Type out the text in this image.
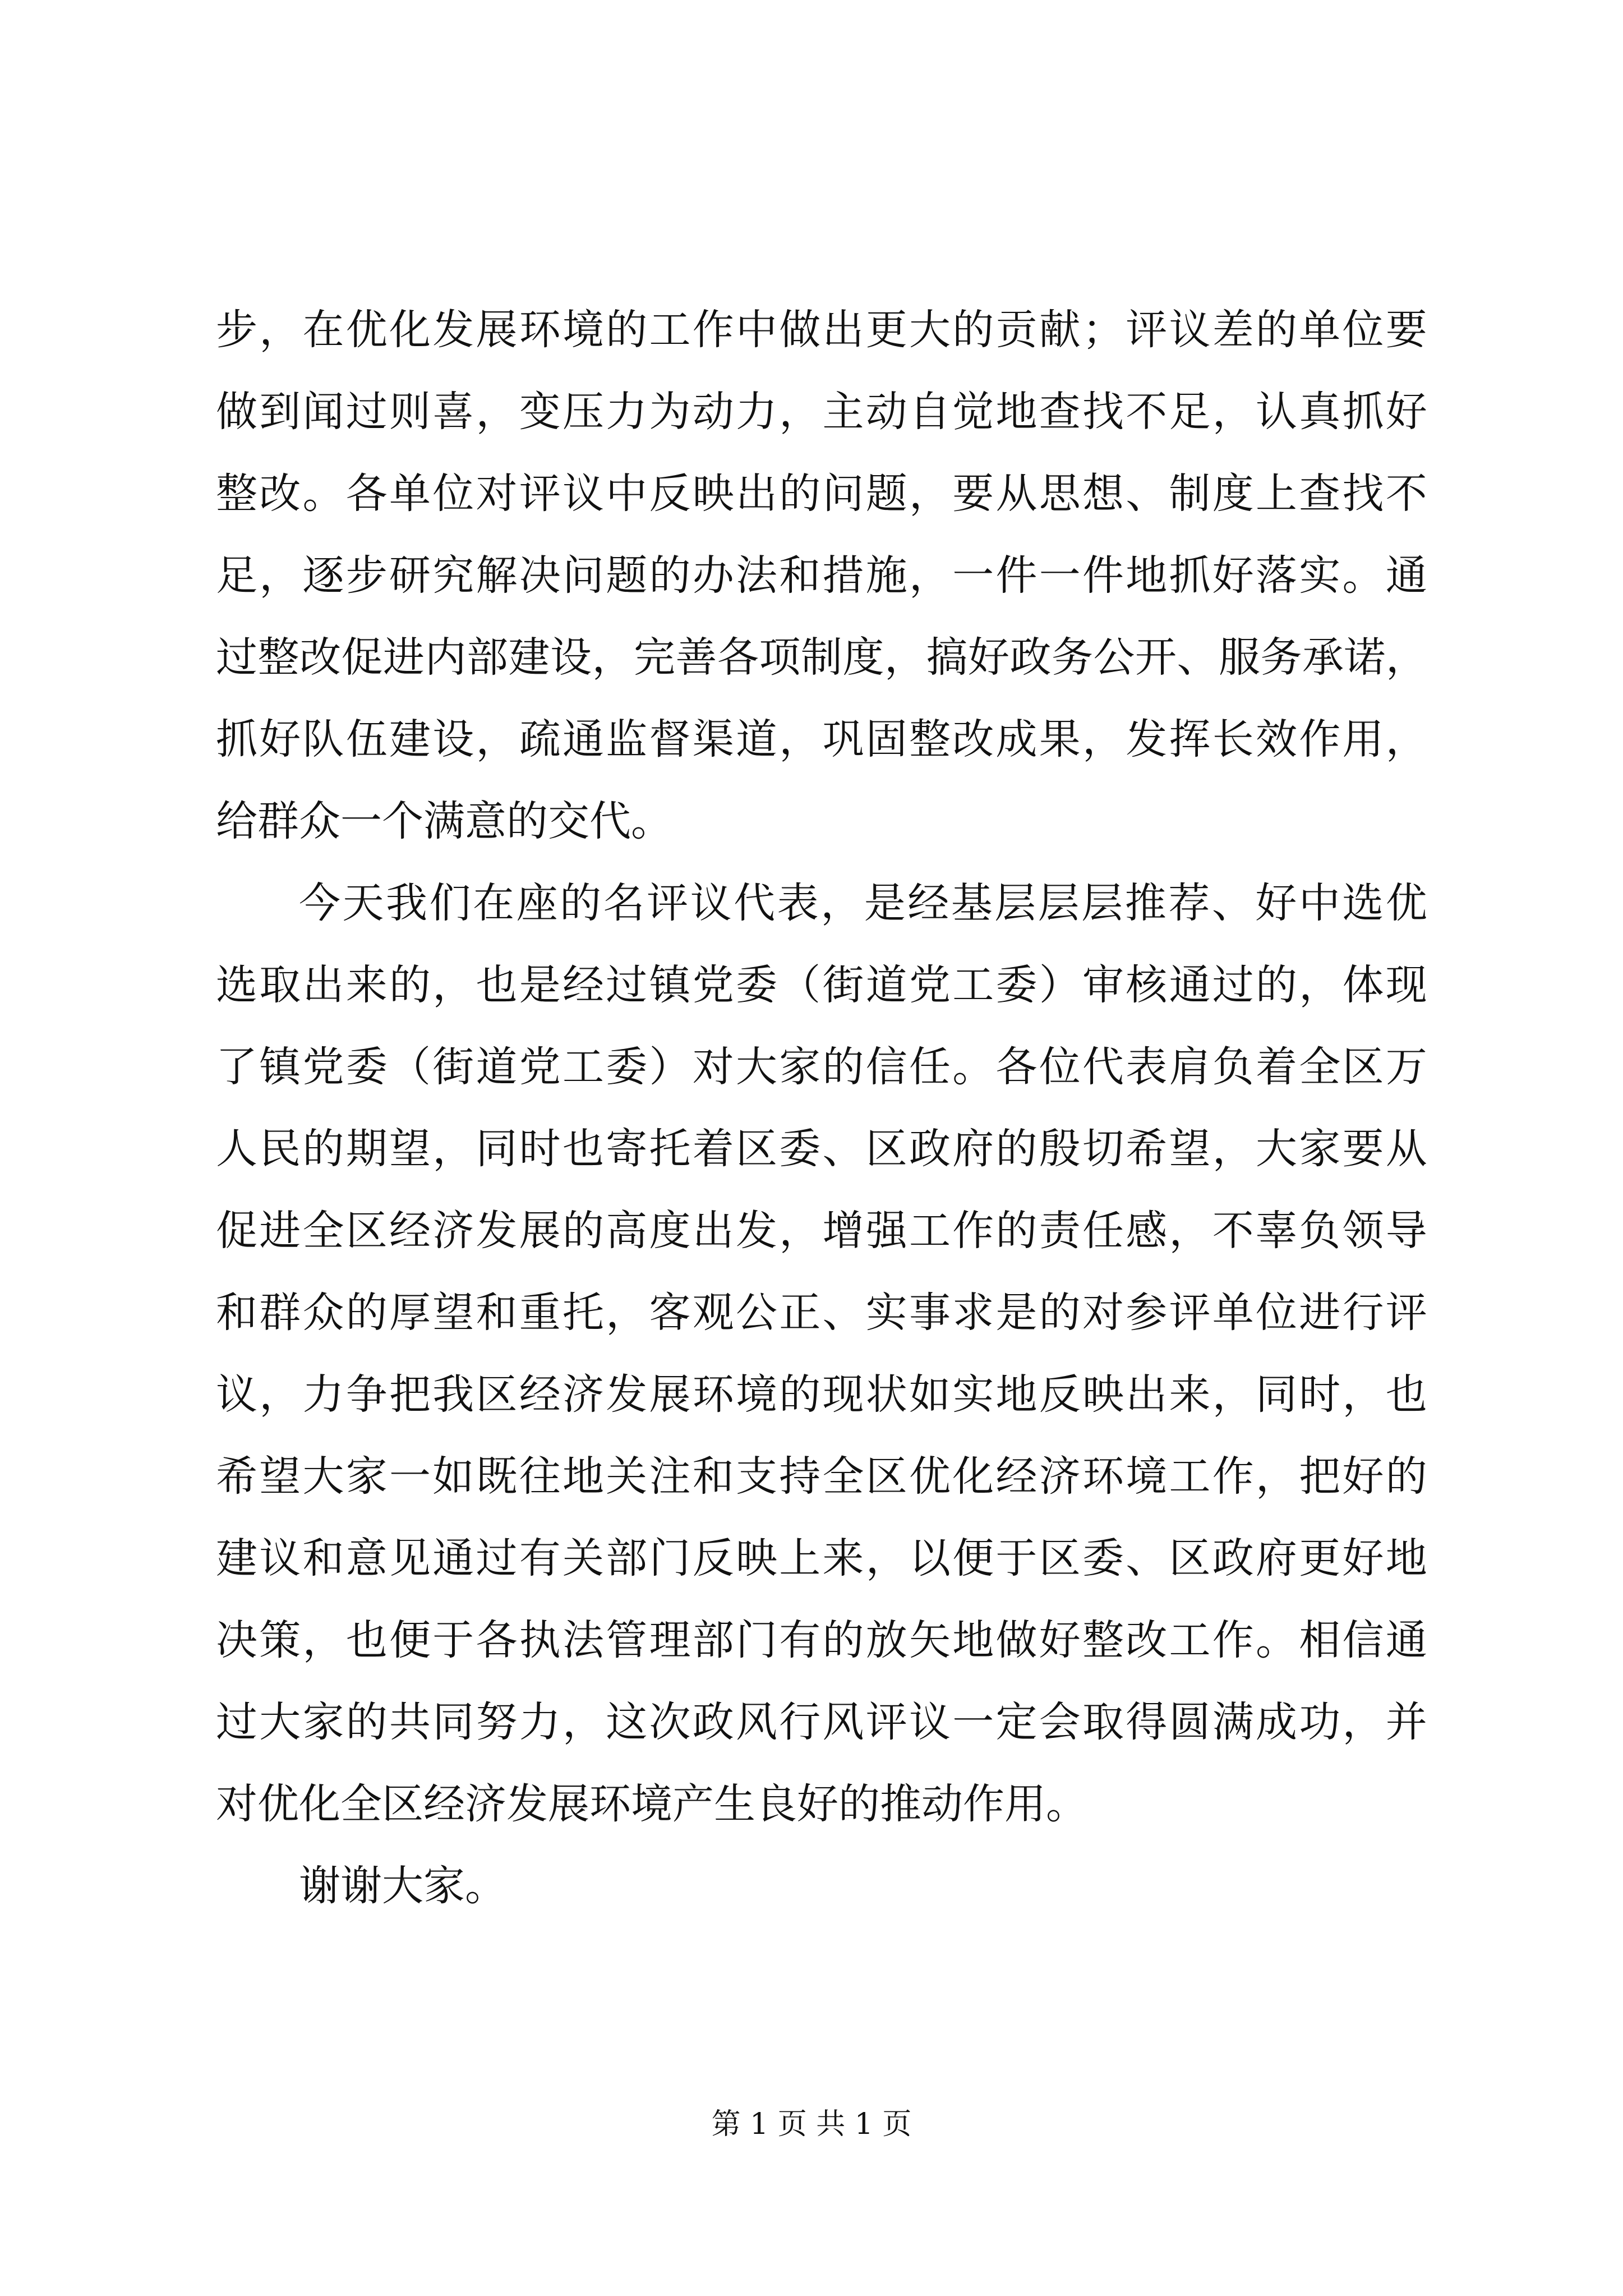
步 ， 在 优 化 发 展 环 境 的 工 作 中 做 出 更 大 的 贡 献 ； 评 议 差 的 单 位 要
做 到 闻 过 则 喜 ， 变 压 力 为 动 力 ， 主 动 自 觉 地 查 找 不 足 ， 认 真 抓 好
整 改 。 各 单 位 对 评 议 中 反 映 出 的 问 题 ， 要 从 思 想 、 制 度 上 查 找 不
足 ， 逐 步 研 究 解 决 问 题 的 办 法 和 措 施 ， 一 件 一 件 地 抓 好 落 实 。 通
过 整 改 促 进 内 部 建 设 ， 完 善 各 项 制 度 ， 搞 好 政 务 公 开 、 服 务 承 诺 ，
抓 好 队 伍 建 设 ， 疏 通 监 督 渠 道 ， 巩 固 整 改 成 果 ， 发 挥 长 效 作 用 ，
给群众一个满意的交代。
今 天 我 们 在 座 的 名 评 议 代 表 ， 是 经 基 层 层 层 推 荐 、 好 中 选 优
选 取 出 来 的 ， 也 是 经 过 镇 党 委 （ 街 道 党 工 委 ） 审 核 通 过 的 ， 体 现
了 镇 党 委 （ 街 道 党 工 委 ） 对 大 家 的 信 任 。 各 位 代 表 肩 负 着 全 区 万
人 民 的 期 望 ， 同 时 也 寄 托 着 区 委 、 区 政 府 的 殷 切 希 望 ， 大 家 要 从
促 进 全 区 经 济 发 展 的 高 度 出 发 ， 增 强 工 作 的 责 任 感 ， 不 辜 负 领 导
和 群 众 的 厚 望 和 重 托 ， 客 观 公 正 、 实 事 求 是 的 对 参 评 单 位 进 行 评
议 ， 力 争 把 我 区 经 济 发 展 环 境 的 现 状 如 实 地 反 映 出 来 ， 同 时 ， 也
希 望 大 家 一 如 既 往 地 关 注 和 支 持 全 区 优 化 经 济 环 境 工 作 ， 把 好 的
建 议 和 意 见 通 过 有 关 部 门 反 映 上 来 ， 以 便 于 区 委 、 区 政 府 更 好 地
决 策 ， 也 便 于 各 执 法 管 理 部 门 有 的 放 矢 地 做 好 整 改 工 作 。 相 信 通
过 大 家 的 共 同 努 力 ， 这 次 政 风 行 风 评 议 一 定 会 取 得 圆 满 成 功 ， 并
对优化全区经济发展环境产生良好的推动作用。
谢谢大家。
第 1 页 共 1 页
